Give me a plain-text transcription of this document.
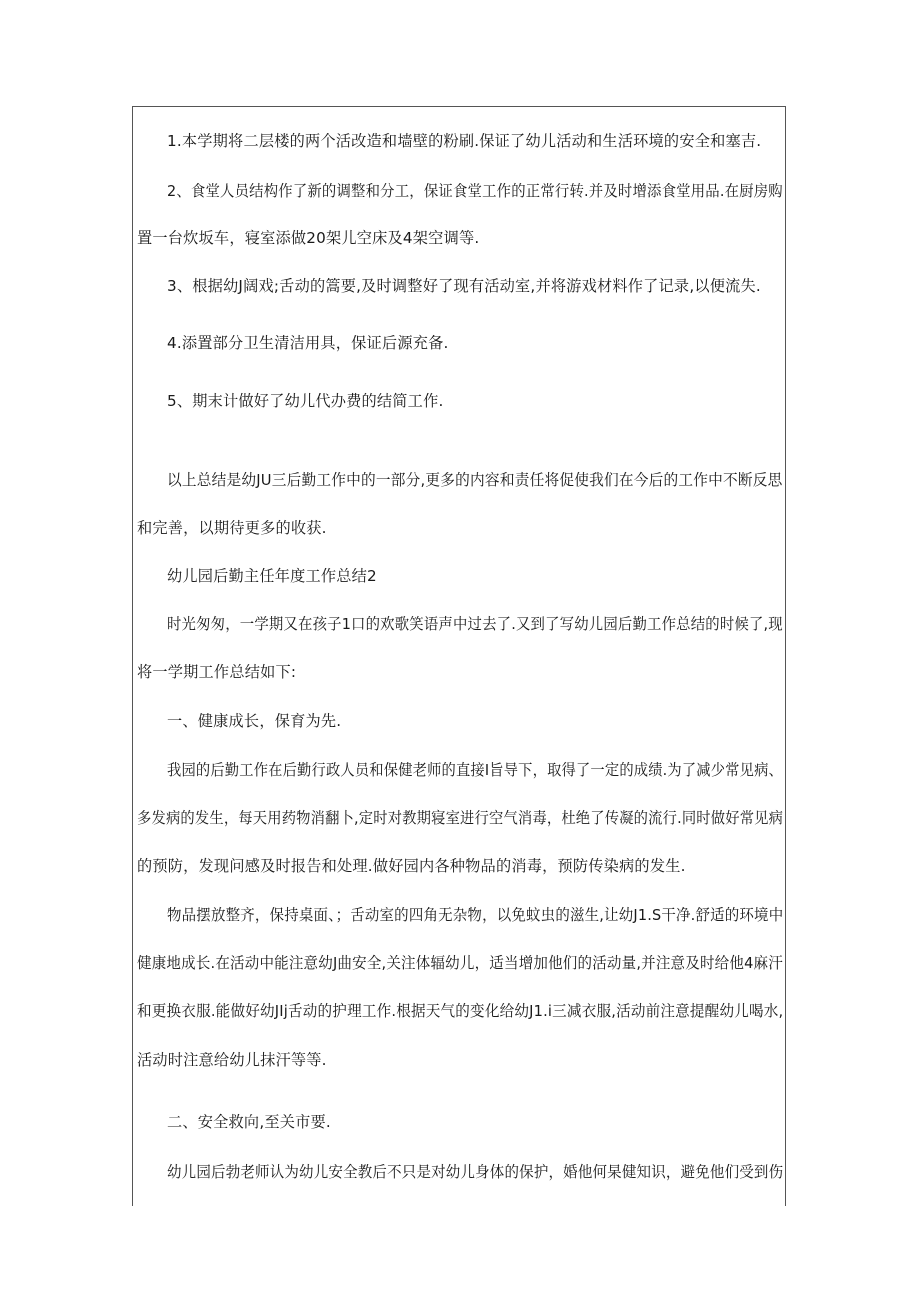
1.本学期将二层楼的两个活改造和墙壁的粉刷.保证了幼儿活动和生活环境的安全和塞吉.
2、食堂人员结构作了新的调整和分工，保证食堂工作的正常行转.并及时增添食堂用品.在厨房购
置一台炊坂车，寝室添做20架儿空床及4架空调等.
3、根据幼J阔戏;舌动的篙要,及时调整好了现有活动室,并将游戏材料作了记录,以便流失.
4.添置部分卫生清洁用具，保证后源充备.
5、期末计做好了幼儿代办费的结简工作.
以上总结是幼JU三后勤工作中的一部分,更多的内容和责任将促使我们在今后的工作中不断反思
和完善，以期待更多的收获.
幼儿园后勤主任年度工作总结2
时光匆匆，一学期又在孩子1口的欢歌笑语声中过去了.又到了写幼儿园后勤工作总结的时候了,现
将一学期工作总结如下:
一、健康成长，保育为先.
我园的后勤工作在后勤行政人员和保健老师的直接I旨导下，取得了一定的成绩.为了减少常见病、
多发病的发生，每天用药物消翻卜,定时对教期寝室进行空气消毒，杜绝了传凝的流行.同时做好常见病
的预防，发现问感及时报告和处理.做好园内各种物品的消毒，预防传染病的发生.
物品摆放整齐，保持桌面、；舌动室的四角无杂物，以免蚊虫的滋生,让幼J1.S干净.舒适的环境中
健康地成长.在活动中能注意幼J曲安全,关注体辐幼儿，适当增加他们的活动量,并注意及时给他4麻汗
和更换衣服.能做好幼JIj舌动的护理工作.根据天气的变化给幼J1.i三减衣服,活动前注意提醒幼儿喝水,
活动时注意给幼儿抹汗等等.
二、安全救向,至关市要.
幼儿园后勃老师认为幼儿安全教后不只是对幼儿身体的保护，婚他何杲健知识，避免他们受到伤
